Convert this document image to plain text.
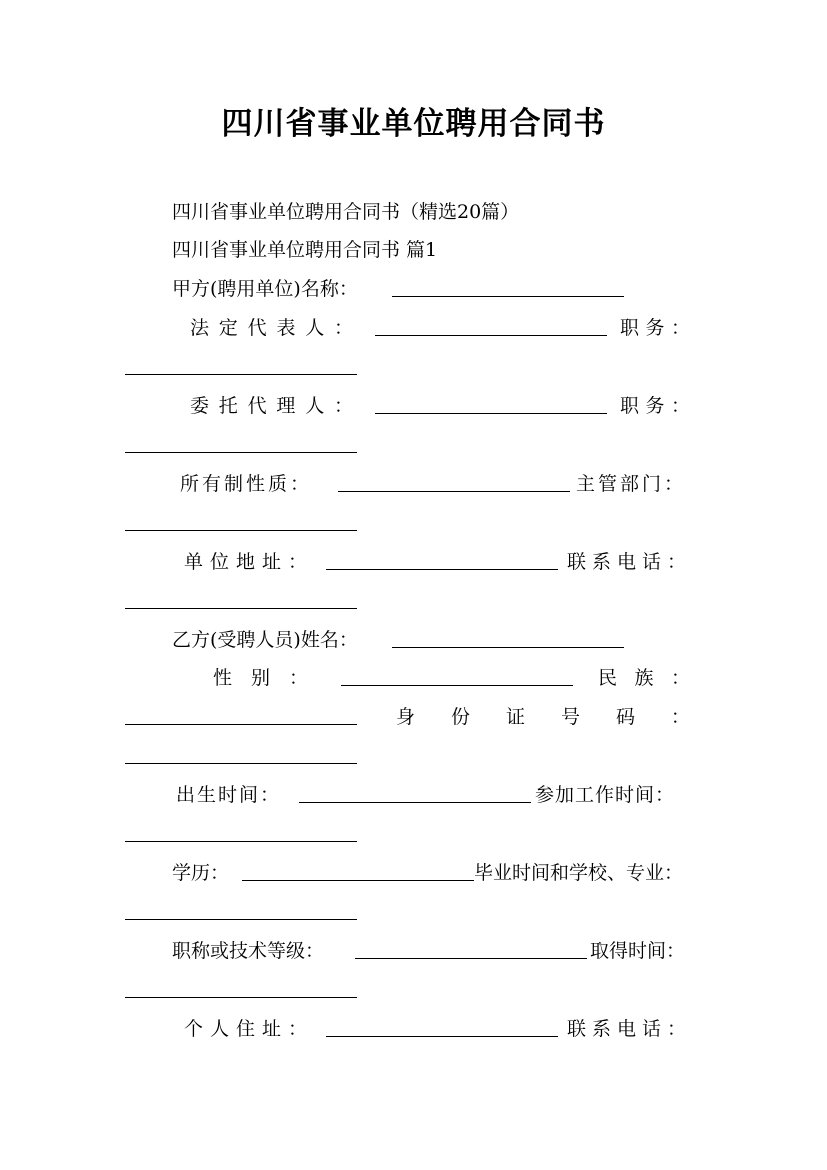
四川省事业单位聘用合同书
四川省事业单位聘用合同书（精选20篇）
四川省事业单位聘用合同书 篇1
甲方(聘用单位)名称：
法 定 代 表 人 ：	职 务 ：
委 托 代 理 人 ：	职 务 ：
所有制性质：	主管部门：
单位地址：	联系电话：
乙方(受聘人员)姓名：
性 别 ：	民 族 ：
身 份 证 号 码 ：
出生时间：	参加工作时间：
学历：	毕业时间和学校、专业：
职称或技术等级：	取得时间：
个人住址：	联系电话：
